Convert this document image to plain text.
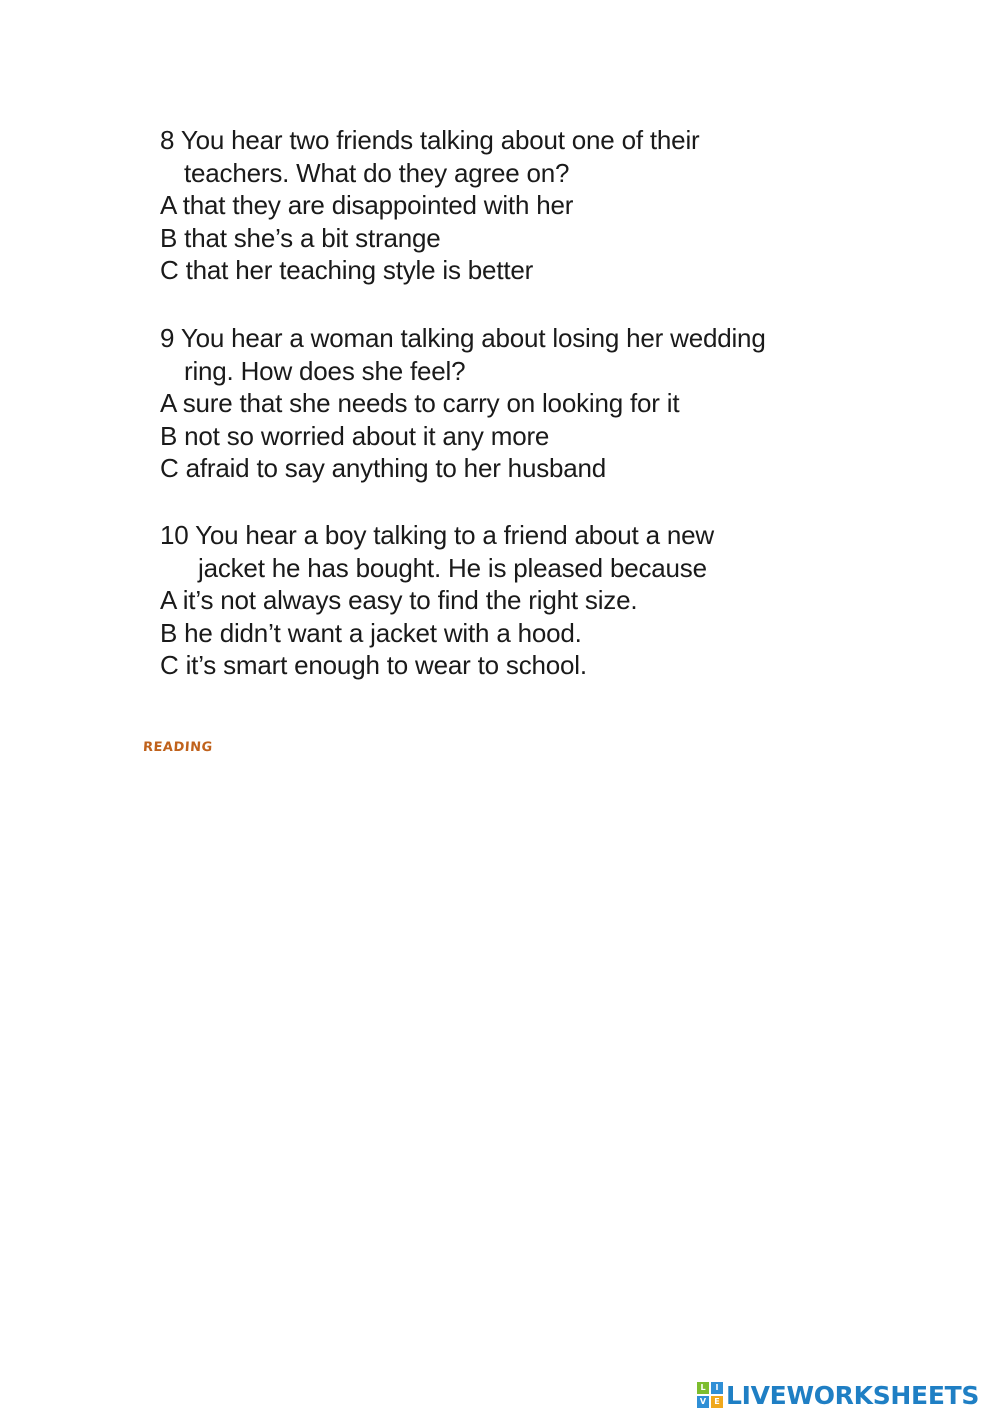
8 You hear two friends talking about one of their
teachers. What do they agree on?
A that they are disappointed with her
B that she’s a bit strange
C that her teaching style is better
9 You hear a woman talking about losing her wedding
ring. How does she feel?
A sure that she needs to carry on looking for it
B not so worried about it any more
C afraid to say anything to her husband
10 You hear a boy talking to a friend about a new
jacket he has bought. He is pleased because
A it’s not always easy to find the right size.
B he didn’t want a jacket with a hood.
C it’s smart enough to wear to school.
READING
L	I
V	E LIVEWORKSHEETS
